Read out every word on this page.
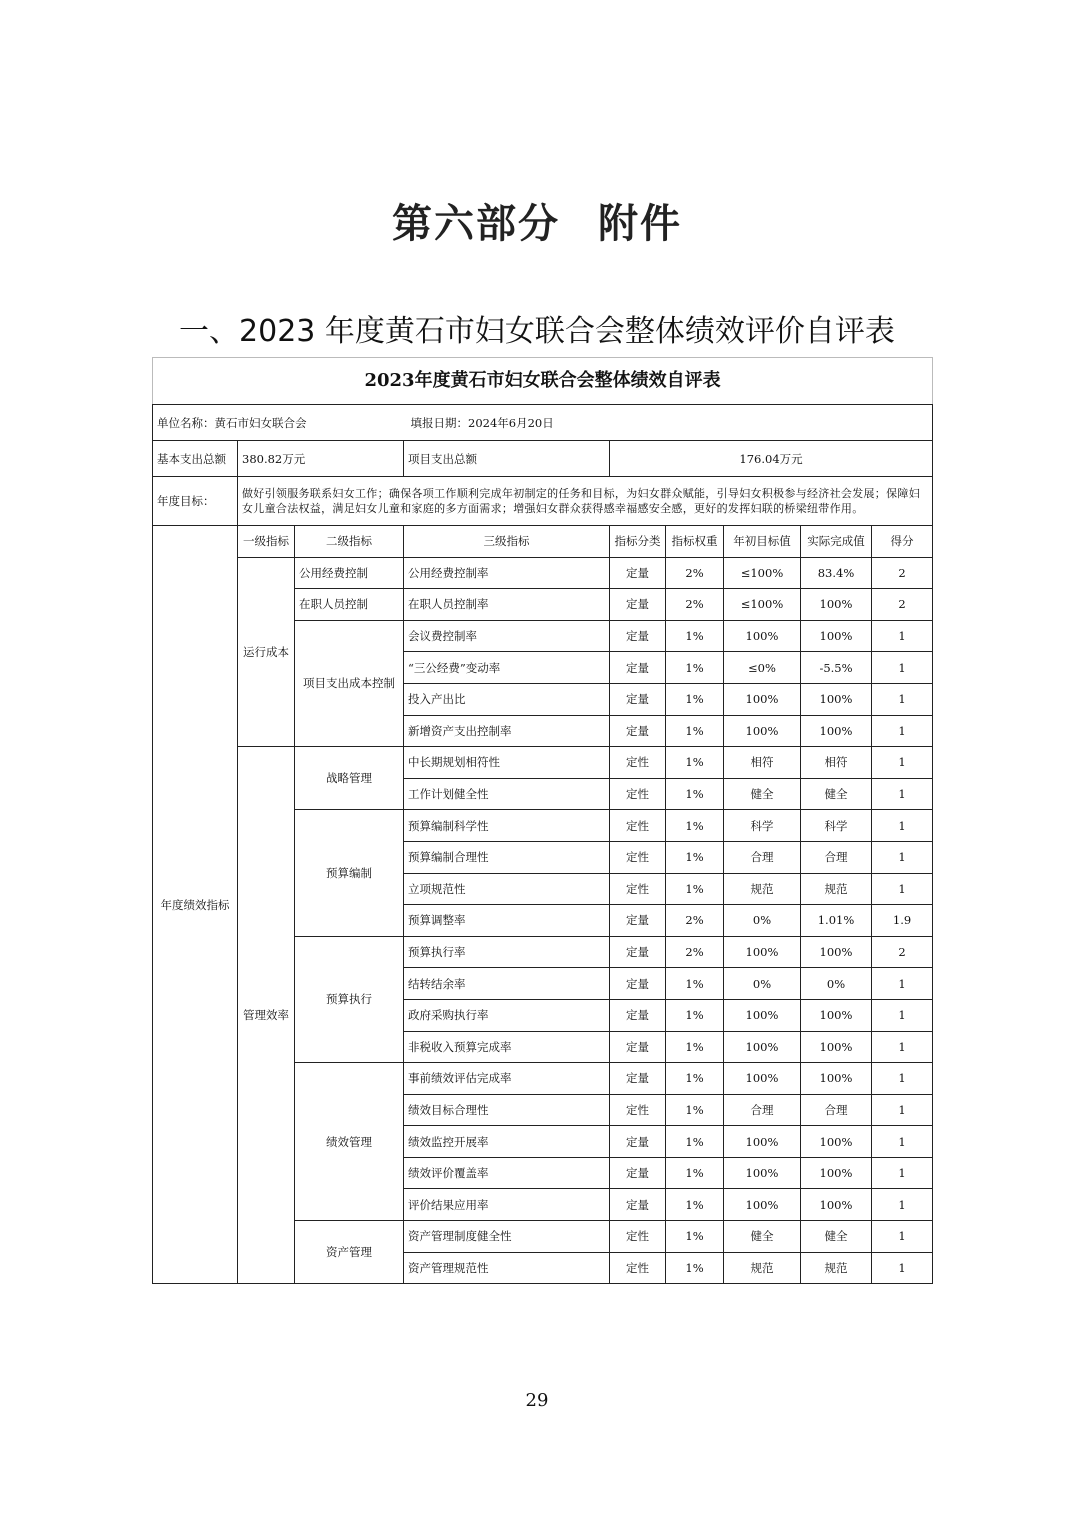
第六部分 附件
一、2023 年度黄石市妇女联合会整体绩效评价自评表
2023年度黄石市妇女联合会整体绩效自评表								
单位名称：黄石市妇女联合会 填报日期：2024年6月20日								
基本支出总额	380.82万元		项目支出总额	176.04万元				
年度目标：	做好引领服务联系妇女工作；确保各项工作顺利完成年初制定的任务和目标，为妇女群众赋能，引导妇女积极参与经济社会发展；保障妇女儿童合法权益，满足妇女儿童和家庭的多方面需求；增强妇女群众获得感幸福感安全感，更好的发挥妇联的桥梁纽带作用。							
年度绩效指标	一级指标	二级指标	三级指标	指标分类	指标权重	年初目标值	实际完成值	得分
	运行成本	公用经费控制	公用经费控制率	定量	2%	≤100%	83.4%	2
		在职人员控制	在职人员控制率	定量	2%	≤100%	100%	2
		项目支出成本控制	会议费控制率	定量	1%	100%	100%	1
			“三公经费”变动率	定量	1%	≤0%	-5.5%	1
			投入产出比	定量	1%	100%	100%	1
			新增资产支出控制率	定量	1%	100%	100%	1
	管理效率	战略管理	中长期规划相符性	定性	1%	相符	相符	1
			工作计划健全性	定性	1%	健全	健全	1
		预算编制	预算编制科学性	定性	1%	科学	科学	1
			预算编制合理性	定性	1%	合理	合理	1
			立项规范性	定性	1%	规范	规范	1
			预算调整率	定量	2%	0%	1.01%	1.9
		预算执行	预算执行率	定量	2%	100%	100%	2
			结转结余率	定量	1%	0%	0%	1
			政府采购执行率	定量	1%	100%	100%	1
			非税收入预算完成率	定量	1%	100%	100%	1
		绩效管理	事前绩效评估完成率	定量	1%	100%	100%	1
			绩效目标合理性	定性	1%	合理	合理	1
			绩效监控开展率	定量	1%	100%	100%	1
			绩效评价覆盖率	定量	1%	100%	100%	1
			评价结果应用率	定量	1%	100%	100%	1
		资产管理	资产管理制度健全性	定性	1%	健全	健全	1
			资产管理规范性	定性	1%	规范	规范	1
29
